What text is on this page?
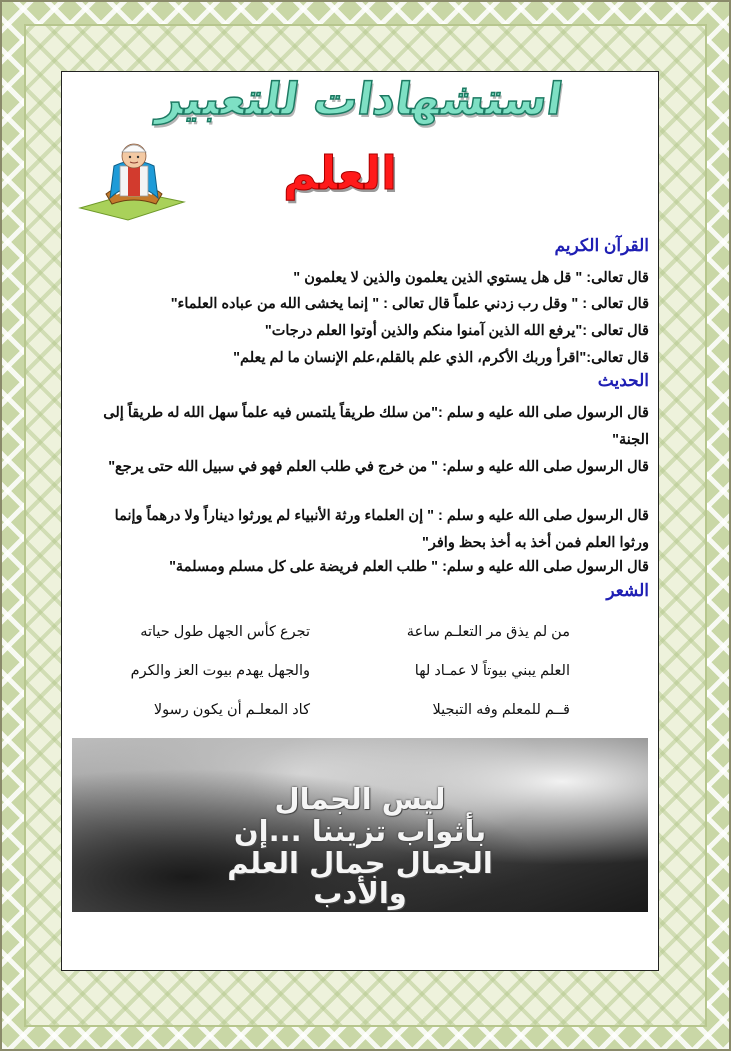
استشهادات للتعبير
العلم
القرآن الكريم
قال تعالى: " قل هل يستوي الذين يعلمون والذين لا يعلمون "
قال تعالى : " وقل رب زدني علماً قال تعالى : " إنما يخشى الله من عباده العلماء"
قال تعالى :"يرفع الله الذين آمنوا منكم والذين أوتوا العلم درجات"
قال تعالى:"اقرأ وربك الأكرم، الذي علم بالقلم،علم الإنسان ما لم يعلم"
الحديث
قال الرسول صلى الله عليه و سلم :"من سلك طريقاً يلتمس فيه علماً سهل الله له طريقاً إلى الجنة"
قال الرسول صلى الله عليه و سلم: " من خرج في طلب العلم فهو في سبيل الله حتى يرجع"
قال الرسول صلى الله عليه و سلم : " إن العلماء ورثة الأنبياء لم يورثوا ديناراً ولا درهماً وإنما ورثوا العلم فمن أخذ به أخذ بحظ وافر"
قال الرسول صلى الله عليه و سلم: " طلب العلم فريضة على كل مسلم ومسلمة"
الشعر
من لم يذق مر التعلـم ساعة
تجرع كأس الجهل طول حياته
العلم يبني بيوتاً لا عمـاد لها
والجهل يهدم بيوت العز والكرم
قــم للمعلم وفه التبجيلا
كاد المعلـم أن يكون رسولا
ليس الجمال
بأثواب تزيننا ...إن
الجمال جمال العلم
والأدب
